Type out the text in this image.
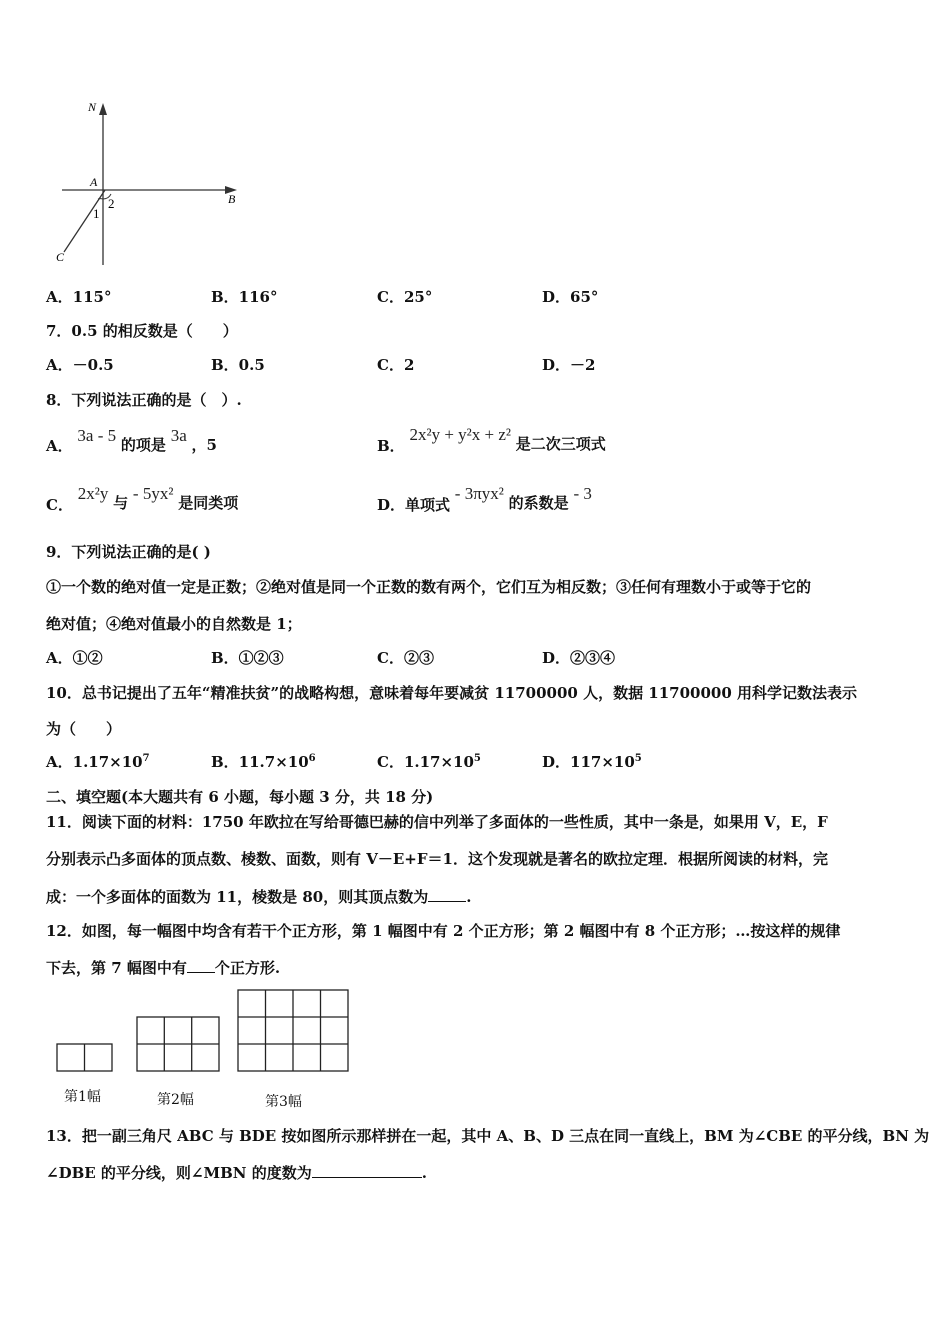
N
A
B
C
1
2
A．115°	B．116°	C．25°	D．65°
7．0.5 的相反数是（　　）
A．－0.5	B．0.5	C．2	D．－2
8．下列说法正确的是（　）.
A． 3a - 5 的项是 3a ，5	B． 2x²y + y²x + z² 是二次三项式
C． 2x²y 与 - 5yx² 是同类项	D．单项式 - 3πyx² 的系数是 - 3
9．下列说法正确的是( )
①一个数的绝对值一定是正数；②绝对值是同一个正数的数有两个，它们互为相反数；③任何有理数小于或等于它的
绝对值；④绝对值最小的自然数是 1；
A．①②	B．①②③	C．②③	D．②③④
10．总书记提出了五年“精准扶贫”的战略构想，意味着每年要减贫 11700000 人，数据 11700000 用科学记数法表示
为（　　）
A．$1.17\times 10^7$	B．$11.7\times 10^6$	C．$1.17\times 10^5$	D．$117\times 10^5$
二、填空题(本大题共有 6 小题，每小题 3 分，共 18 分)
11．阅读下面的材料：1750 年欧拉在写给哥德巴赫的信中列举了多面体的一些性质，其中一条是，如果用 V，E，F
分别表示凸多面体的顶点数、棱数、面数，则有 V－E+F＝1．这个发现就是著名的欧拉定理．根据所阅读的材料，完
成：一个多面体的面数为 11，棱数是 80，则其顶点数为	.
12．如图，每一幅图中均含有若干个正方形，第 1 幅图中有 2 个正方形；第 2 幅图中有 8 个正方形；…按这样的规律
下去，第 7 幅图中有 个正方形.
第1幅	第2幅	第3幅
13．把一副三角尺 ABC 与 BDE 按如图所示那样拼在一起，其中 A、B、D 三点在同一直线上，BM 为∠CBE 的平分线，BN 为
∠DBE 的平分线，则∠MBN 的度数为	.
